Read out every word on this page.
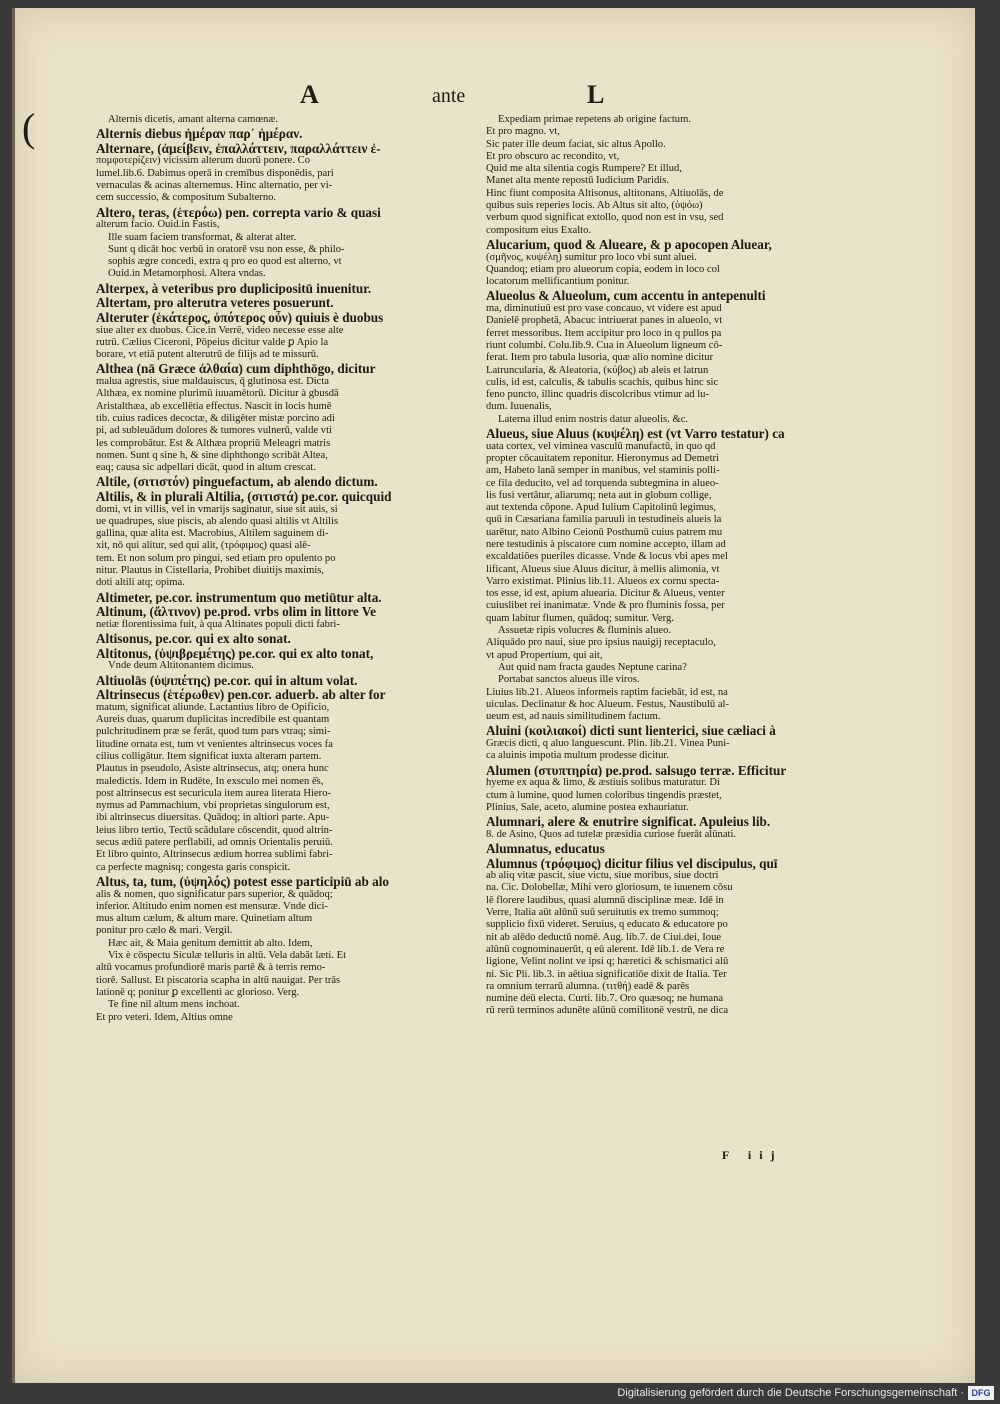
(
A	ante	L
Alternis dicetis, amant alterna camœnæ.
Alternis diebus ἡμέραν παρ᾽ ἡμέραν.
Alternare, (ἀμείβειν, ἐπαλλάττειν, παραλλάττειν ἐ-
πομφοτερίζειν) vicissim alterum duorū ponere. Co
lumel.lib.6. Dabimus operā in cremībus disponēdis, pari
vernaculas & acinas alternemus. Hinc alternatio, per vi-
cem successio, & compositum Subalterno.
Altero, teras, (ἑτερόω) pen. correpta vario & quasi
alterum facio. Ouid.in Fastis,
Ille suam faciem transformat, & alterat alter.
Sunt q dicāt hoc verbū in oratorē vsu non esse, & philo-
sophis ægre concedi, extra q pro eo quod est alterno, vt
Ouid.in Metamorphosi. Altera vndas.
Alterpex, à veteribus pro duplicipositū inuenitur.
Altertam, pro alterutra veteres posuerunt.
Alteruter (ἑκάτερος, ὁπότερος οὖν) quiuis è duobus
siue alter ex duobus. Cice.in Verrē, video necesse esse alte
rutrū. Cælius Ciceroni, Pōpeius dicitur valde ꝑ Apio la
borare, vt etiā putent alterutrū de filijs ad te missurū.
Althea (nā Græce ἀλθαία) cum diphthōgo, dicitur
malua agrestis, siue maldauiscus, q̄ glutinosa est. Dicta
Althæa, ex nomine plurimū iuuamētorū. Dicitur à gbusdā
Aristalthæa, ab excellētia effectus. Nascit in locis humē
tib. cuius radices decoctæ, & diligēter mistæ porcino adi
pi, ad subleuādum dolores & tumores vulnerū, valde vti
les comprobātur. Est & Althæa propriū Meleagri matris
nomen. Sunt q sine h, & sine diphthongo scribāt Altea,
eaq; causa sic adpellari dicāt, quod in altum crescat.
Altile, (σιτιστόν) pinguefactum, ab alendo dictum.
Altilis, & in plurali Altilia, (σιτιστά) pe.cor. quicquid
domi, vt in villis, vel in vmarijs saginatur, siue sit auis, si
ue quadrupes, siue piscis, ab alendo quasi altilis vt Altilis
gallina, quæ alita est. Macrobius, Altilem saguinem di-
xit, nō qui alitur, sed qui alit, (τρόφιμος) quasi alē-
tem. Et non solum pro pingui, sed etiam pro opulento po
nitur. Plautus in Cistellaria, Prohibet diuitijs maximis,
doti altili atq; opima.
Altimeter, pe.cor. instrumentum quo metiūtur alta.
Altinum, (ἄλτινον) pe.prod. vrbs olim in littore Ve
netiæ florentissima fuit, à qua Altinates populi dicti fabri-
Altisonus, pe.cor. qui ex alto sonat.
Altitonus, (ὑψιβρεμέτης) pe.cor. qui ex alto tonat,
Vnde deum Altitonantem dicimus.
Altiuolās (ὑψιπέτης) pe.cor. qui in altum volat.
Altrinsecus (ἑτέρωθεν) pen.cor. aduerb. ab alter for
matum, significat aliunde. Lactantius libro de Opificio,
Aureis duas, quarum duplicitas incredibile est quantam
pulchritudinem præ se ferāt, quod tum pars vtraq; simi-
litudine ornata est, tum vt venientes altrinsecus voces fa
cilius colligātur. Item significat iuxta alteram partem.
Plautus in pseudolo, Asiste altrinsecus, atq; onera hunc
maledictis. Idem in Rudēte, In exsculo mei nomen ē̄s,
post altrinsecus est securicula item aurea literata Hiero-
nymus ad Pammachium, vbi proprietas singulorum est,
ibi altrinsecus diuersitas. Quādoq; in altiori parte. Apu-
leius libro tertio, Tectū scādulare cōscendit, quod altrin-
secus ædiū patere perflabili, ad omnis Orientalis peruiū.
Et libro quinto, Altrinsecus ædium horrea sublimi fabri-
ca perfecte magnisq; congesta garis conspicit.
Altus, ta, tum, (ὑψηλός) potest esse participiū ab alo
alis & nomen, quo significatur pars superior, & quādoq;
inferior. Altitudo enim nomen est mensuræ. Vnde dici-
mus altum cælum, & altum mare. Quinetiam altum
ponitur pro cælo & mari. Vergil.
Hæc ait, & Maia genitum demittit ab alto. Idem,
Vix è cōspectu Siculæ telluris in altū. Vela dabāt læti. Et
altū vocamus profundiorē maris partē & à terris remo-
tiorē. Sallust. Et piscatoria scapha in altū nauigat. Per trās
lationē q; ponitur ꝑ excellenti ac glorioso. Verg.
Te fine nil altum mens inchoat.
Et pro veteri. Idem, Altius omne
Expediam primae repetens ab origine factum.
Et pro magno. vt,
Sic pater ille deum faciat, sic altus Apollo.
Et pro obscuro ac recondito, vt,
Quid me alta silentia cogis Rumpere? Et illud,
Manet alta mente repostū Iudicium Paridis.
Hinc fiunt composita Altisonus, altitonans, Altiuolās, de
quibus suis reperies locis. Ab Altus sit alto, (ὑψόω)
verbum quod significat extollo, quod non est in vsu, sed
compositum eius Exalto.
Alucarium, quod & Alueare, & p apocopen Aluear,
(σμῆνος, κυψέλη) sumitur pro loco vbi sunt aluei.
Quandoq; etiam pro alueorum copia, eodem in loco col
locatorum mellificantium ponitur.
Alueolus & Alueolum, cum accentu in antepenulti
ma, diminutiuū est pro vase concauo, vt videre est apud
Danielē prophetā, Abacuc intriuerat panes in alueolo, vt
ferret messoribus. Item accipitur pro loco in q pullos pa
riunt columbi. Colu.lib.9. Cua in Alueolum ligneum cō-
ferat. Item pro tabula lusoria, quæ alio nomine dicitur
Latruncularia, & Aleatoria, (κύβος) ab aleis et latrun
culis, id est, calculis, & tabulis scachis, quibus hinc sic
feno puncto, illinc quadris discolcribus vtimur ad lu-
dum. Iuuenalis,
Laterna illud enim nostris datur alueolis. &c.
Alueus, siue Aluus (κυψέλη) est (vt Varro testatur) ca
uata cortex, vel viminea vasculū manufactū, in quo qd
propter cōcauitatem reponitur. Hieronymus ad Demetri
am, Habeto lanā semper in manibus, vel staminis polli-
ce fila deducito, vel ad torquenda subtegmina in alueo-
lis fusi vertātur, aliarumq; neta aut in globum collige,
aut textenda cōpone. Apud Iulium Capitolinū legimus,
quū in Cæsariana familia paruuli in testudineis alueis la
uarētur, nato Albino Ceionū Posthumū cuius patrem mu
nere testudinis à piscatore cum nomine accepto, illam ad
excaldatiões pueriles dicasse. Vnde & locus vbi apes mel
lificant, Alueus siue Aluus dicitur, à mellis alimonia, vt
Varro existimat. Plinius lib.11. Alueos ex cornu specta-
tos esse, id est, apium aluearia. Dicitur & Alueus, venter
cuiuslibet rei inanimatæ. Vnde & pro fluminis fossa, per
quam labitur flumen, quādoq; sumitur. Verg.
Assuetæ ripis volucres & fluminis alueo.
Aliquādo pro naui, siue pro ipsius nauigij receptaculo,
vt apud Propertium, qui ait,
Aut quid nam fracta gaudes Neptune carina?
Portabat sanctos alueus ille viros.
Liuius lib.21. Alueos informeis raptim faciebāt, id est, na
uiculas. Declinatur & hoc Alueum. Festus, Naustibulū al-
ueum est, ad nauis similitudinem factum.
Aluini (κοιλιακοί) dicti sunt lienterici, siue cæliaci à
Græcis dicti, q aluo languescunt. Plin. lib.21. Vinea Puni-
ca aluinis impotia multum prodesse dicitur.
Alumen (στυπτηρία) pe.prod. salsugo terræ. Efficitur
hyeme ex aqua & limo, & æstiuis solibus maturatur. Di
ctum à lumine, quod lumen coloribus tingendis præstet,
Plinius, Sale, aceto, alumine postea exhauriatur.
Alumnari, alere & enutrire significat. Apuleius lib.
8. de Asino, Quos ad tutelæ præsidia curiose fuerāt alūnati.
Alumnatus, educatus
Alumnus (τρόφιμος) dicitur filius vel discipulus, quī
ab aliq vitæ pascit, siue victu, siue moribus, siue doctri
na. Cic. Dolobellæ, Mihi vero gloriosum, te iuuenem cōsu
lē florere laudibus, quasi alumnū disciplinæ meæ. Idē in
Verre, Italia aūt alūnū suū seruitutis ex tremo summoq;
supplicio fixū videret. Seruius, q educato & educatore po
nit ab alēdo deductū nomē. Aug. lib.7. de Ciui.dei, Ioue
alūnū cognominauerūt, q eū alerent. Idē lib.1. de Vera re
ligione, Velint nolint ve ipsi q; hæretici & schismatici alū
ni. Sic Pli. lib.3. in aētiua significatiōe dixit de Italia. Ter
ra omnium terrarū alumna. (τιτθή) eadē & parēs
numine deū electa. Curti. lib.7. Oro quæsoq; ne humana
rū rerū terminos adunēte alūnū comilitonē vestrū, ne dica
F iij
Digitalisierung gefördert durch die Deutsche Forschungsgemeinschaft · DFG
